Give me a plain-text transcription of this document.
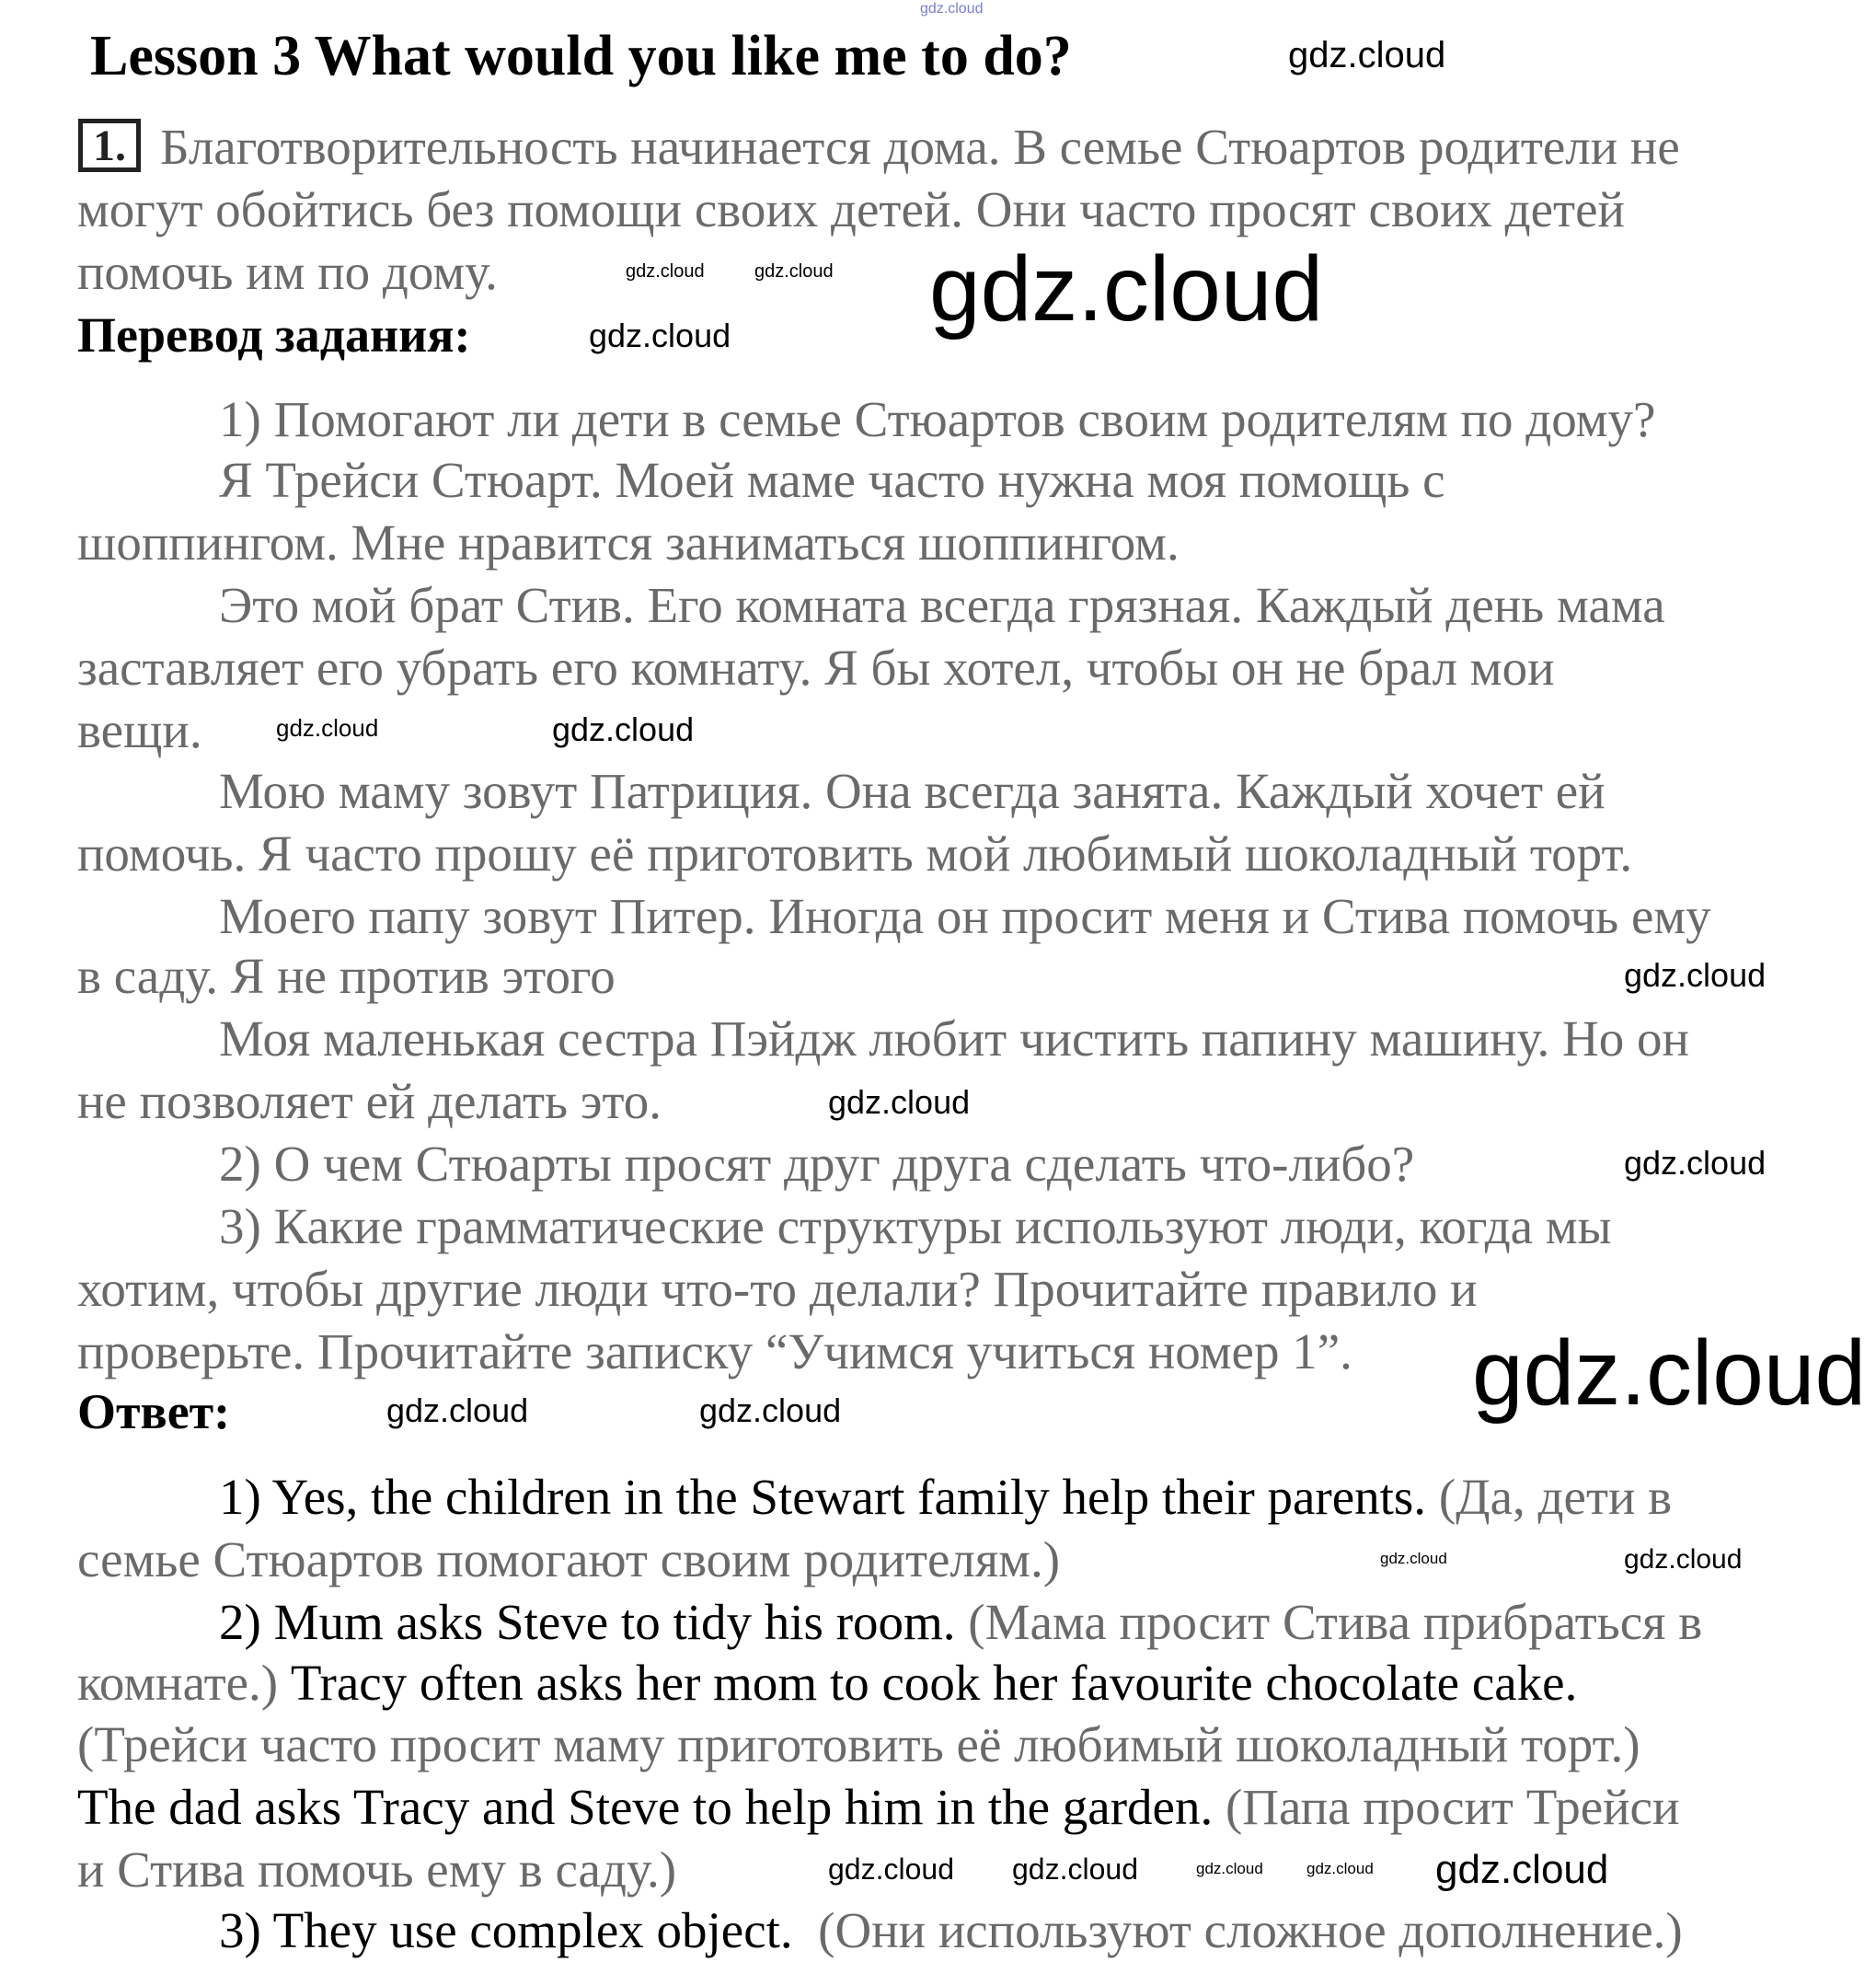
Lesson 3 What would you like me to do?
1. Благотворительность начинается дома. В семье Стюартов родители не
могут обойтись без помощи своих детей. Они часто просят своих детей
помочь им по дому.
Перевод задания:
1) Помогают ли дети в семье Стюартов своим родителям по дому?
Я Трейси Стюарт. Моей маме часто нужна моя помощь с
шоппингом. Мне нравится заниматься шоппингом.
Это мой брат Стив. Его комната всегда грязная. Каждый день мама
заставляет его убрать его комнату. Я бы хотел, чтобы он не брал мои
вещи.
Мою маму зовут Патриция. Она всегда занята. Каждый хочет ей
помочь. Я часто прошу её приготовить мой любимый шоколадный торт.
Моего папу зовут Питер. Иногда он просит меня и Стива помочь ему
в саду. Я не против этого
Моя маленькая сестра Пэйдж любит чистить папину машину. Но он
не позволяет ей делать это.
2) О чем Стюарты просят друг друга сделать что-либо?
3) Какие грамматические структуры используют люди, когда мы
хотим, чтобы другие люди что-то делали? Прочитайте правило и
проверьте. Прочитайте записку “Учимся учиться номер 1”.
Ответ:
1) Yes, the children in the Stewart family help their parents. (Да, дети в
семье Стюартов помогают своим родителям.)
2) Mum asks Steve to tidy his room. (Мама просит Стива прибраться в
комнате.) Tracy often asks her mom to cook her favourite chocolate cake.
(Трейси часто просит маму приготовить её любимый шоколадный торт.)
The dad asks Tracy and Steve to help him in the garden. (Папа просит Трейси
и Стива помочь ему в саду.)
3) They use complex object. (Они используют сложное дополнение.)
gdz.cloud
gdz.cloud
gdz.cloud
gdz.cloud	gdz.cloud
gdz.cloud
gdz.cloud	gdz.cloud
gdz.cloud
gdz.cloud
gdz.cloud
gdz.cloud	gdz.cloud
gdz.cloud
gdz.cloud
gdz.cloud gdz.cloud	gdz.cloud	gdz.cloud gdz.cloud
gdz.cloud
